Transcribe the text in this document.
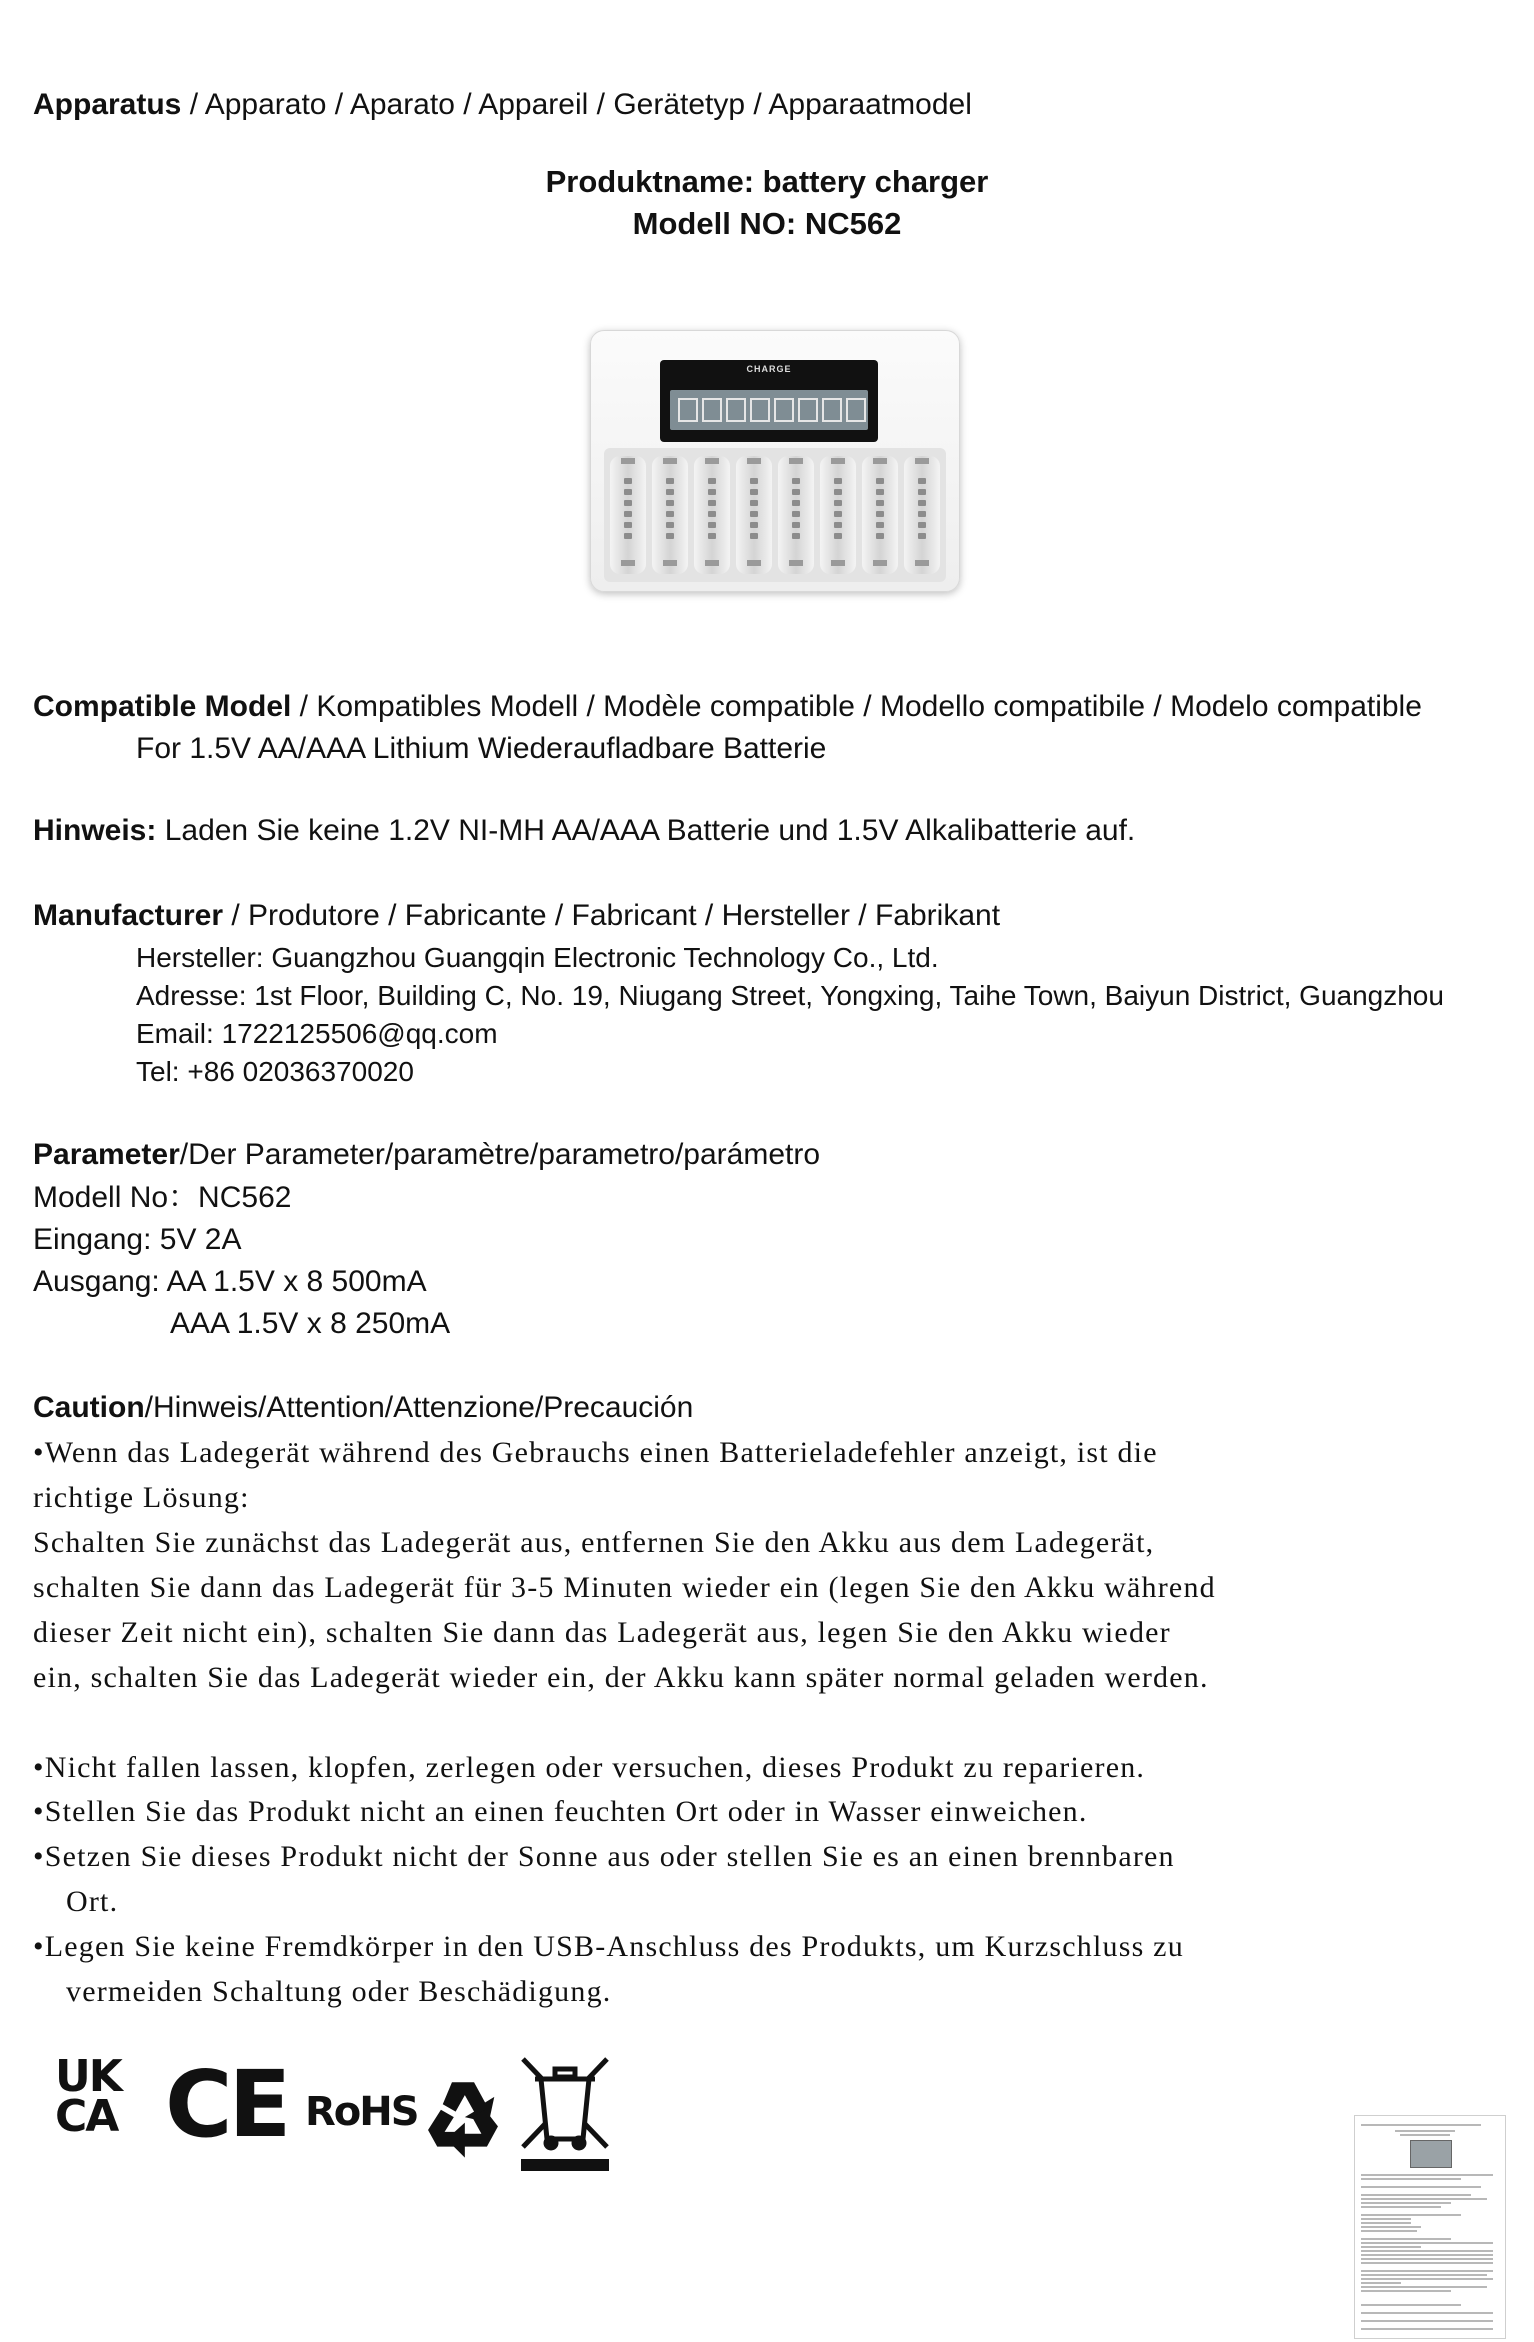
Apparatus / Apparato / Aparato / Appareil / Gerätetyp / Apparaatmodel
Produktname: battery charger
Modell NO: NC562
CHARGE
Compatible Model / Kompatibles Modell / Modèle compatible / Modello compatibile / Modelo compatible
For 1.5V AA/AAA Lithium Wiederaufladbare Batterie
Hinweis: Laden Sie keine 1.2V NI-MH AA/AAA Batterie und 1.5V Alkalibatterie auf.
Manufacturer / Produtore / Fabricante / Fabricant / Hersteller / Fabrikant
Hersteller: Guangzhou Guangqin Electronic Technology Co., Ltd.
Adresse: 1st Floor, Building C, No. 19, Niugang Street, Yongxing, Taihe Town, Baiyun District, Guangzhou
Email: 1722125506@qq.com
Tel: +86 02036370020
Parameter/Der Parameter/paramètre/parametro/parámetro
Modell No：NC562
Eingang: 5V 2A
Ausgang: AA 1.5V x 8 500mA
AAA 1.5V x 8 250mA
Caution/Hinweis/Attention/Attenzione/Precaución
•Wenn das Ladegerät während des Gebrauchs einen Batterieladefehler anzeigt, ist die
richtige Lösung:
Schalten Sie zunächst das Ladegerät aus, entfernen Sie den Akku aus dem Ladegerät,
schalten Sie dann das Ladegerät für 3-5 Minuten wieder ein (legen Sie den Akku während
dieser Zeit nicht ein), schalten Sie dann das Ladegerät aus, legen Sie den Akku wieder
ein, schalten Sie das Ladegerät wieder ein, der Akku kann später normal geladen werden.
•Nicht fallen lassen, klopfen, zerlegen oder versuchen, dieses Produkt zu reparieren.
•Stellen Sie das Produkt nicht an einen feuchten Ort oder in Wasser einweichen.
•Setzen Sie dieses Produkt nicht der Sonne aus oder stellen Sie es an einen brennbaren
Ort.
•Legen Sie keine Fremdkörper in den USB-Anschluss des Produkts, um Kurzschluss zu
vermeiden Schaltung oder Beschädigung.
UK
CA CE RoHS
